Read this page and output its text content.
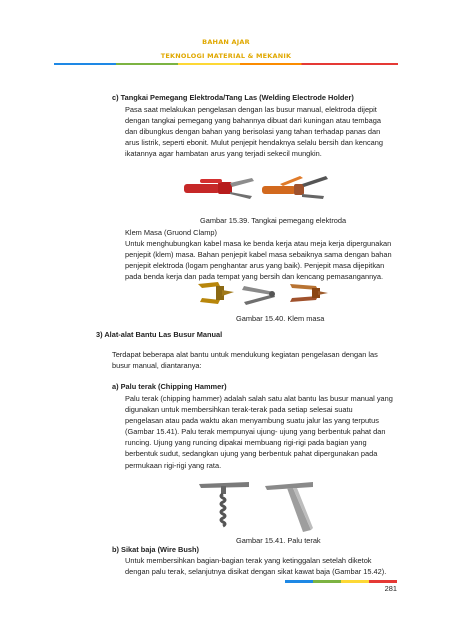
BAHAN AJAR
TEKNOLOGI MATERIAL & MEKANIK
c) Tangkai Pemegang Elektroda/Tang Las (Welding Electrode Holder)
Pasa saat melakukan pengelasan dengan las busur manual, elektroda dijepit
dengan tangkai pemegang yang bahannya dibuat dari kuningan atau tembaga
dan dibungkus dengan bahan yang berisolasi yang tahan terhadap panas dan
arus listrik, seperti ebonit. Mulut penjepit hendaknya selalu bersih dan kencang
ikatannya agar hambatan arus yang terjadi sekecil mungkin.
Gambar 15.39. Tangkai pemegang elektroda
Klem Masa (Gruond Clamp)
Untuk menghubungkan kabel masa ke benda kerja atau meja kerja dipergunakan
penjepit (klem) masa. Bahan penjepit kabel masa sebaiknya sama dengan bahan
penjepit elektroda (logam penghantar arus yang baik). Penjepit masa dijepitkan
pada benda kerja dan pada tempat yang bersih dan kencang pemasangannya.
Gambar 15.40. Klem masa
3) Alat-alat Bantu Las Busur Manual
Terdapat beberapa alat bantu untuk mendukung kegiatan pengelasan dengan las
busur manual, diantaranya:
a) Palu terak (Chipping Hammer)
Palu terak (chipping hammer) adalah salah satu alat bantu las busur manual yang
digunakan untuk membersihkan terak-terak pada setiap selesai suatu
pengelasan atau pada waktu akan menyambung suatu jalur las yang terputus
(Gambar 15.41). Palu terak mempunyai ujung- ujung yang berbentuk pahat dan
runcing. Ujung yang runcing dipakai membuang rigi-rigi pada bagian yang
berbentuk sudut, sedangkan ujung yang berbentuk pahat dipergunakan pada
permukaan rigi-rigi yang rata.
Gambar 15.41. Palu terak
b) Sikat baja (Wire Bush)
Untuk membersihkan bagian-bagian terak yang ketinggalan setelah diketok
dengan palu terak, selanjutnya disikat dengan sikat kawat baja (Gambar 15.42).
281
